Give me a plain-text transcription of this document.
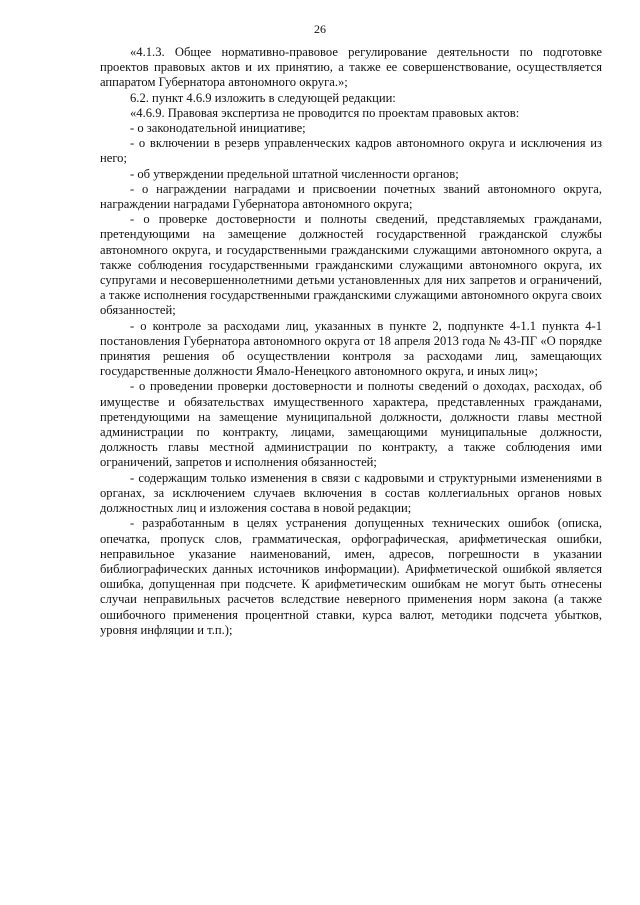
26

«4.1.3. Общее нормативно-правовое регулирование деятельности по подготовке проектов правовых актов и их принятию, а также ее совершенствование, осуществляется аппаратом Губернатора автономного округа.»;

6.2. пункт 4.6.9 изложить в следующей редакции:

«4.6.9. Правовая экспертиза не проводится по проектам правовых актов:

- о законодательной инициативе;

- о включении в резерв управленческих кадров автономного округа и исключения из него;

- об утверждении предельной штатной численности органов;

- о награждении наградами и присвоении почетных званий автономного округа, награждении наградами Губернатора автономного округа;

- о проверке достоверности и полноты сведений, представляемых гражданами, претендующими на замещение должностей государственной гражданской службы автономного округа, и государственными гражданскими служащими автономного округа, а также соблюдения государственными гражданскими служащими автономного округа, их супругами и несовершеннолетними детьми установленных для них запретов и ограничений, а также исполнения государственными гражданскими служащими автономного округа своих обязанностей;

- о контроле за расходами лиц, указанных в пункте 2, подпункте 4-1.1 пункта 4-1 постановления Губернатора автономного округа от 18 апреля 2013 года № 43-ПГ «О порядке принятия решения об осуществлении контроля за расходами лиц, замещающих государственные должности Ямало-Ненецкого автономного округа, и иных лиц»;

- о проведении проверки достоверности и полноты сведений о доходах, расходах, об имуществе и обязательствах имущественного характера, представленных гражданами, претендующими на замещение муниципальной должности, должности главы местной администрации по контракту, лицами, замещающими муниципальные должности, должность главы местной администрации по контракту, а также соблюдения ими ограничений, запретов и исполнения обязанностей;

- содержащим только изменения в связи с кадровыми и структурными изменениями в органах, за исключением случаев включения в состав коллегиальных органов новых должностных лиц и изложения состава в новой редакции;

- разработанным в целях устранения допущенных технических ошибок (описка, опечатка, пропуск слов, грамматическая, орфографическая, арифметическая ошибки, неправильное указание наименований, имен, адресов, погрешности в указании библиографических данных источников информации). Арифметической ошибкой является ошибка, допущенная при подсчете. К арифметическим ошибкам не могут быть отнесены случаи неправильных расчетов вследствие неверного применения норм закона (а также ошибочного применения процентной ставки, курса валют, методики подсчета убытков, уровня инфляции и т.п.);
